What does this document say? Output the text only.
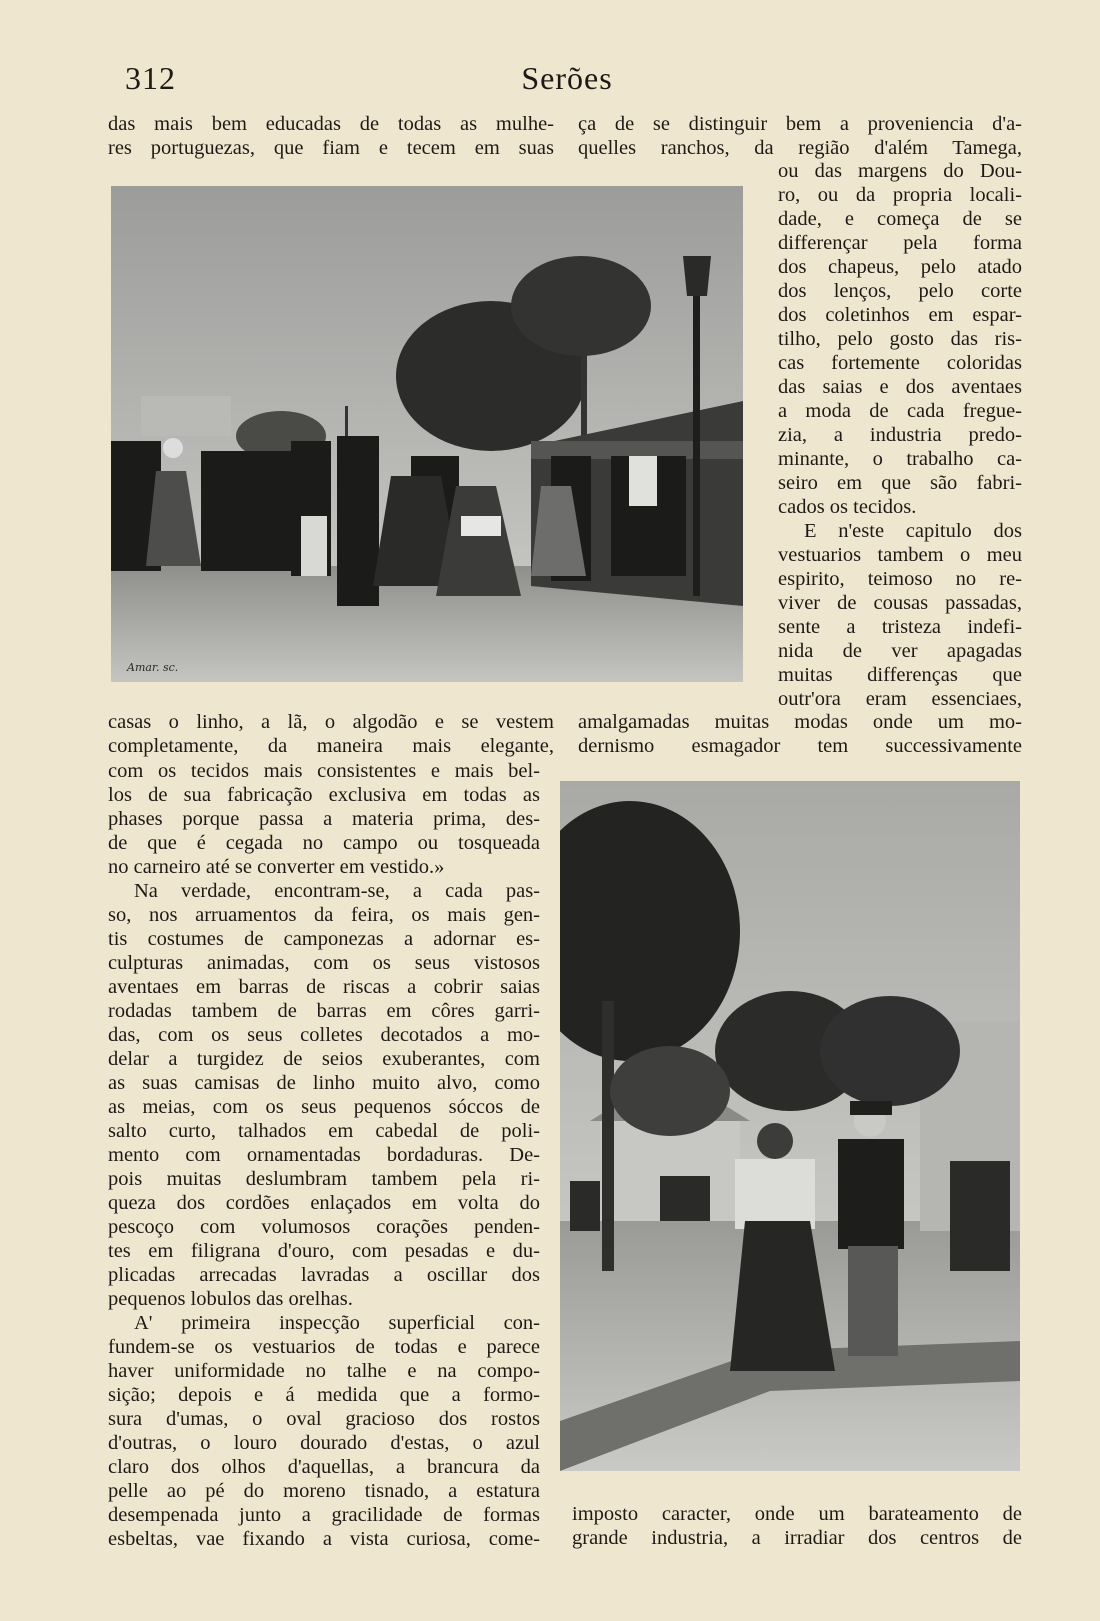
312	Serões
das mais bem educadas de todas as mulhe-
res portuguezas, que fiam e tecem em suas
ça de se distinguir bem a proveniencia d'a-
quelles ranchos, da região d'além Tamega,
ou das margens do Dou-
ro, ou da propria locali-
dade, e começa de se
differençar pela forma
dos chapeus, pelo atado
dos lenços, pelo corte
dos coletinhos em espar-
tilho, pelo gosto das ris-
cas fortemente coloridas
das saias e dos aventaes
a moda de cada fregue-
zia, a industria predo-
minante, o trabalho ca-
seiro em que são fabri-
cados os tecidos.
E n'este capitulo dos
vestuarios tambem o meu
espirito, teimoso no re-
viver de cousas passadas,
sente a tristeza indefi-
nida de ver apagadas
muitas differenças que
outr'ora eram essenciaes,
casas o linho, a lã, o algodão e se vestem
completamente, da maneira mais elegante,
amalgamadas muitas modas onde um mo-
dernismo esmagador tem successivamente
com os tecidos mais consistentes e mais bel-
los de sua fabricação exclusiva em todas as
phases porque passa a materia prima, des-
de que é cegada no campo ou tosqueada
no carneiro até se converter em vestido.»
Na verdade, encontram-se, a cada pas-
so, nos arruamentos da feira, os mais gen-
tis costumes de camponezas a adornar es-
culpturas animadas, com os seus vistosos
aventaes em barras de riscas a cobrir saias
rodadas tambem de barras em côres garri-
das, com os seus colletes decotados a mo-
delar a turgidez de seios exuberantes, com
as suas camisas de linho muito alvo, como
as meias, com os seus pequenos sóccos de
salto curto, talhados em cabedal de poli-
mento com ornamentadas bordaduras. De-
pois muitas deslumbram tambem pela ri-
queza dos cordões enlaçados em volta do
pescoço com volumosos corações penden-
tes em filigrana d'ouro, com pesadas e du-
plicadas arrecadas lavradas a oscillar dos
pequenos lobulos das orelhas.
A' primeira inspecção superficial con-
fundem-se os vestuarios de todas e parece
haver uniformidade no talhe e na compo-
sição; depois e á medida que a formo-
sura d'umas, o oval gracioso dos rostos
d'outras, o louro dourado d'estas, o azul
claro dos olhos d'aquellas, a brancura da
pelle ao pé do moreno tisnado, a estatura
desempenada junto a gracilidade de formas
esbeltas, vae fixando a vista curiosa, come-
imposto caracter, onde um barateamento de
grande industria, a irradiar dos centros de
Amar. sc.
